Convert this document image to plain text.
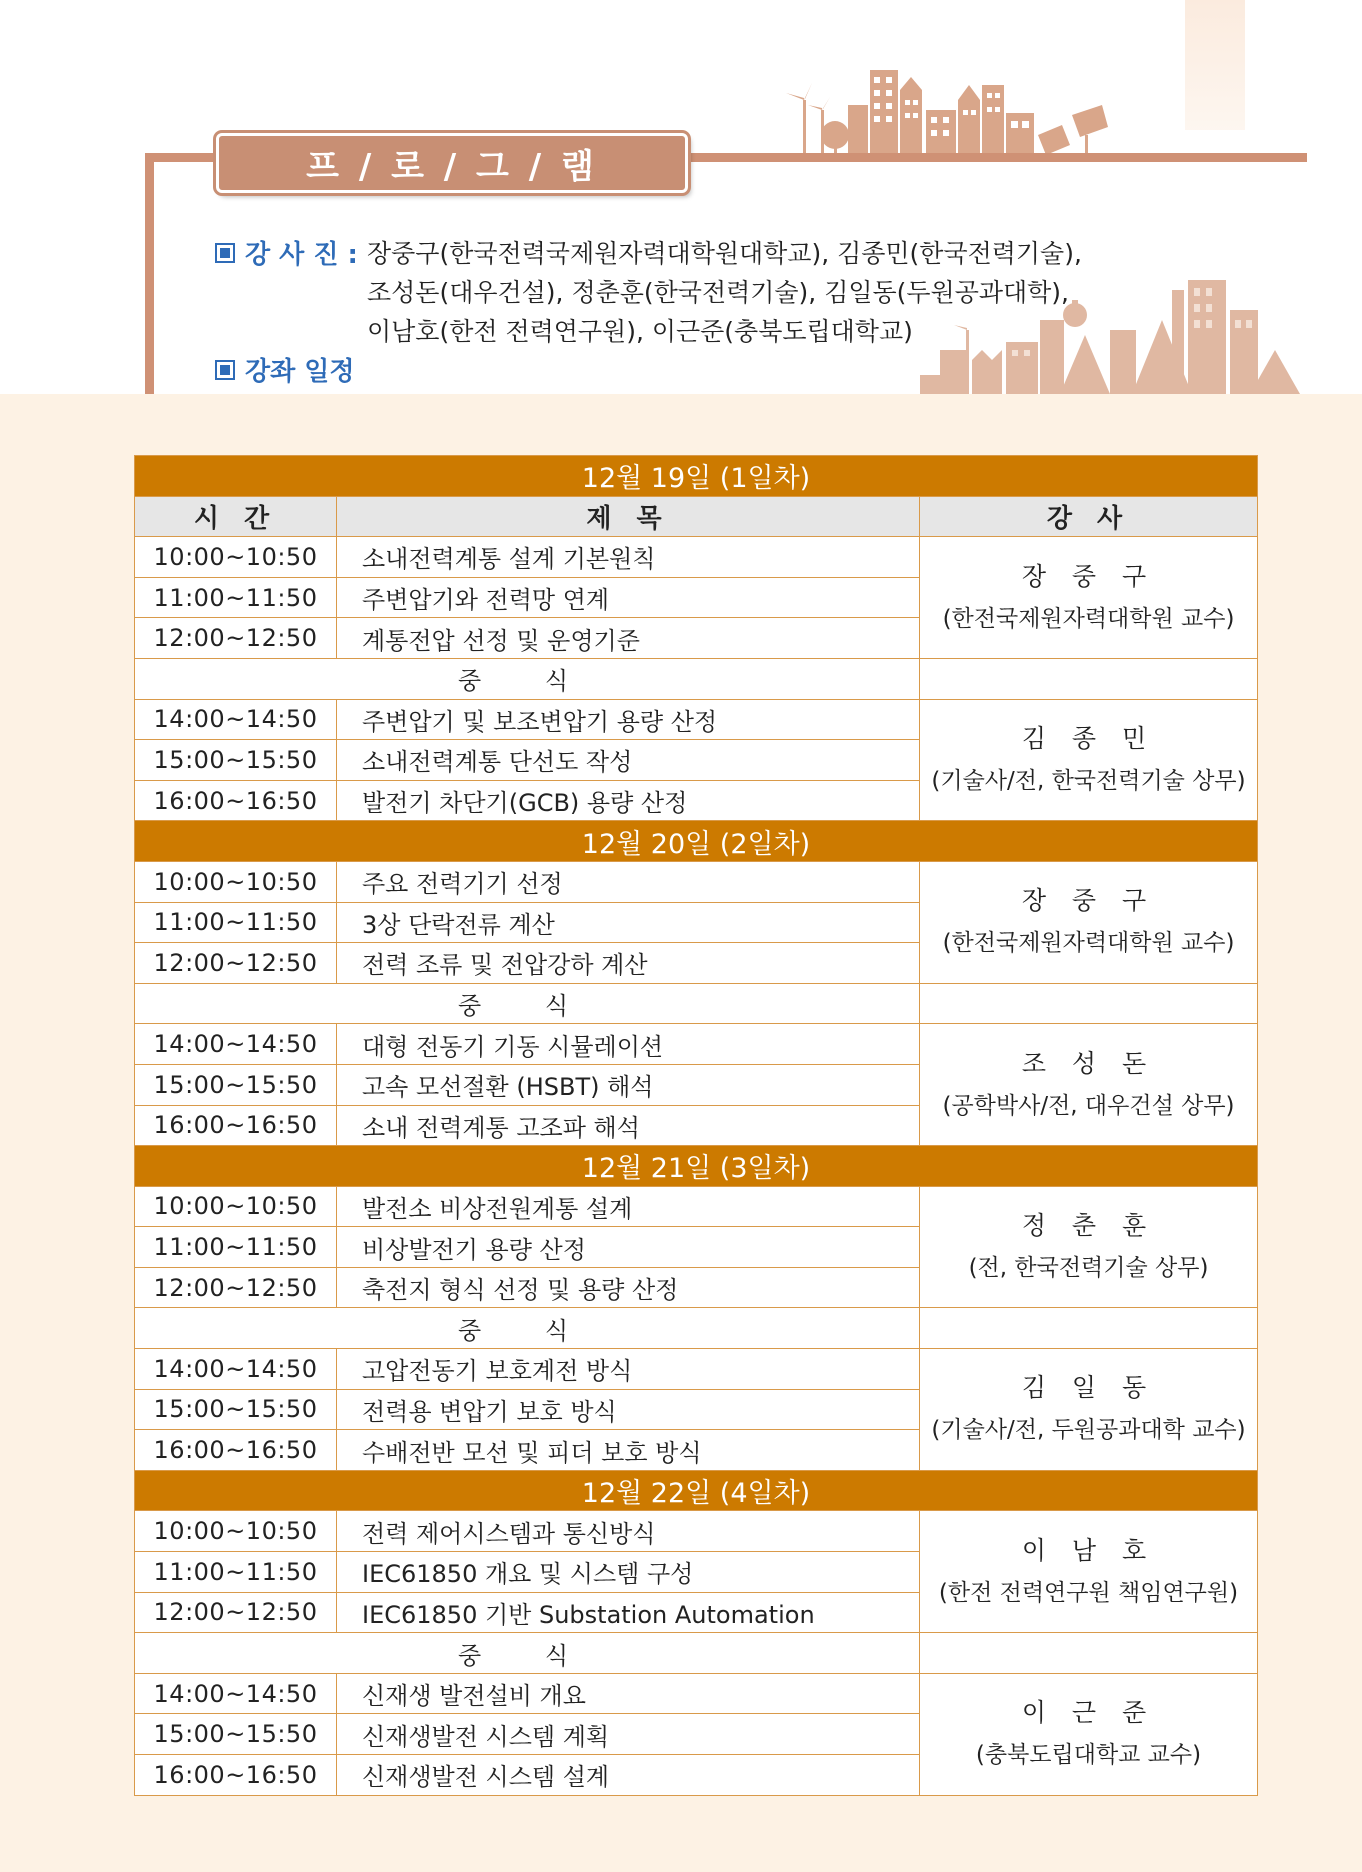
프 / 로 / 그 / 램
강 사 진 : 장중구(한국전력국제원자력대학원대학교), 김종민(한국전력기술),
조성돈(대우건설), 정춘훈(한국전력기술), 김일동(두원공과대학),
이남호(한전 전력연구원), 이근준(충북도립대학교)
강좌 일정
12월 19일 (1일차)		
시 간	제 목	강 사
10:00~10:50	소내전력계통 설계 기본원칙	장 중 구
(한전국제원자력대학원 교수)

11:00~11:50	주변압기와 전력망 연계	
12:00~12:50	계통전압 선정 및 운영기준	
중 식		
14:00~14:50	주변압기 및 보조변압기 용량 산정	김 종 민
(기술사/전, 한국전력기술 상무)

15:00~15:50	소내전력계통 단선도 작성	
16:00~16:50	발전기 차단기(GCB) 용량 산정	
12월 20일 (2일차)		
10:00~10:50	주요 전력기기 선정	장 중 구
(한전국제원자력대학원 교수)

11:00~11:50	3상 단락전류 계산	
12:00~12:50	전력 조류 및 전압강하 계산	
중 식		
14:00~14:50	대형 전동기 기동 시뮬레이션	조 성 돈
(공학박사/전, 대우건설 상무)

15:00~15:50	고속 모선절환 (HSBT) 해석	
16:00~16:50	소내 전력계통 고조파 해석	
12월 21일 (3일차)		
10:00~10:50	발전소 비상전원계통 설계	정 춘 훈
(전, 한국전력기술 상무)

11:00~11:50	비상발전기 용량 산정	
12:00~12:50	축전지 형식 선정 및 용량 산정	
중 식		
14:00~14:50	고압전동기 보호계전 방식	김 일 동
(기술사/전, 두원공과대학 교수)

15:00~15:50	전력용 변압기 보호 방식	
16:00~16:50	수배전반 모선 및 피더 보호 방식	
12월 22일 (4일차)		
10:00~10:50	전력 제어시스템과 통신방식	이 남 호
(한전 전력연구원 책임연구원)

11:00~11:50	IEC61850 개요 및 시스템 구성	
12:00~12:50	IEC61850 기반 Substation Automation	
중 식		
14:00~14:50	신재생 발전설비 개요	이 근 준
(충북도립대학교 교수)

15:00~15:50	신재생발전 시스템 계획	
16:00~16:50	신재생발전 시스템 설계	
